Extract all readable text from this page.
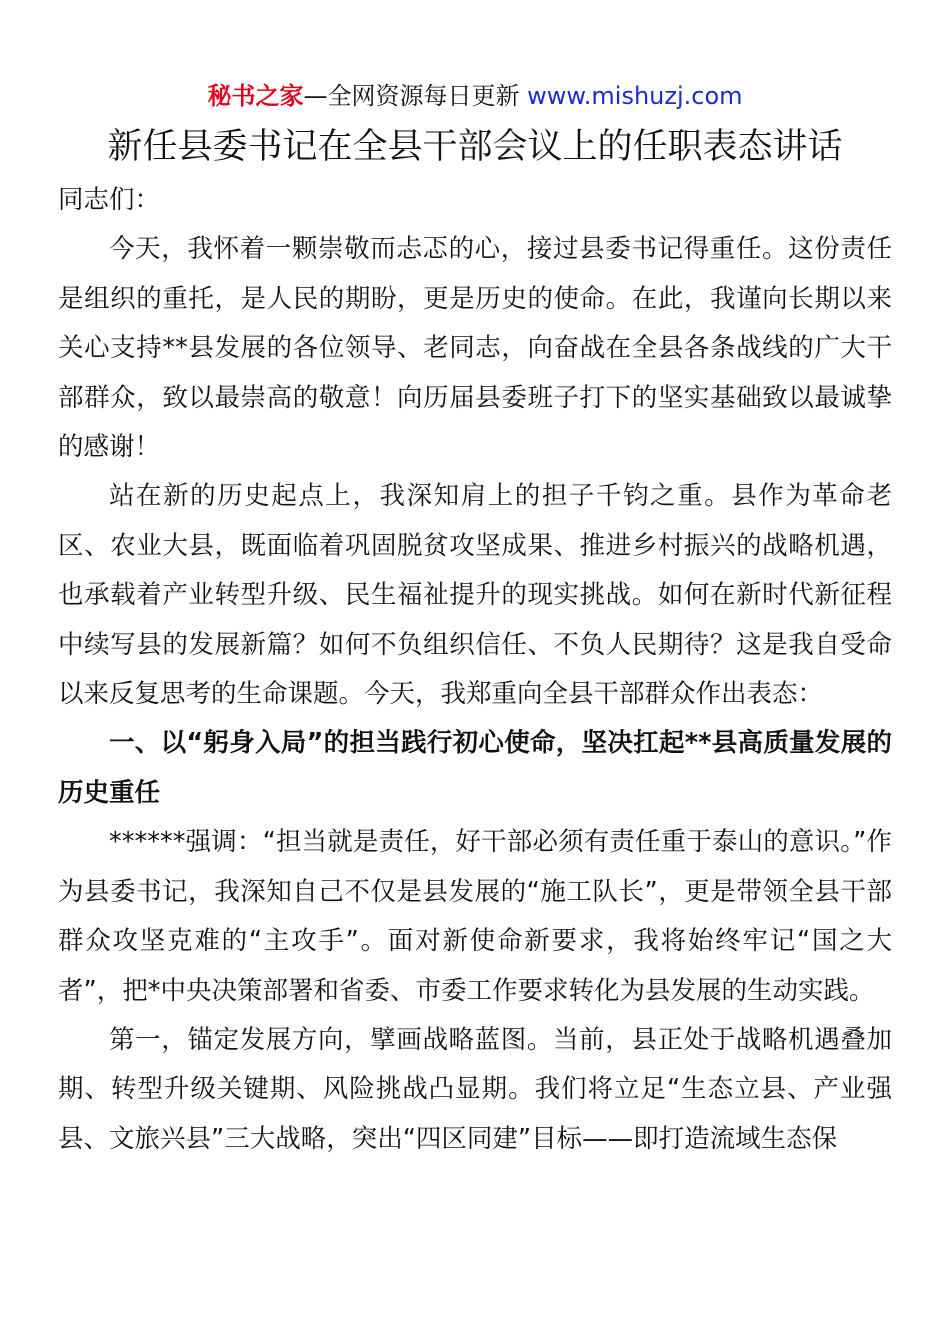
秘书之家—全网资源每日更新 www.mishuzj.com
新任县委书记在全县干部会议上的任职表态讲话

同志们：

今天，我怀着一颗崇敬而忐忑的心，接过县委书记得重任。这份责任是组织的重托，是人民的期盼，更是历史的使命。在此，我谨向长期以来关心支持**县发展的各位领导、老同志，向奋战在全县各条战线的广大干部群众，致以最崇高的敬意！向历届县委班子打下的坚实基础致以最诚挚的感谢！

站在新的历史起点上，我深知肩上的担子千钧之重。县作为革命老区、农业大县，既面临着巩固脱贫攻坚成果、推进乡村振兴的战略机遇，也承载着产业转型升级、民生福祉提升的现实挑战。如何在新时代新征程中续写县的发展新篇？如何不负组织信任、不负人民期待？这是我自受命以来反复思考的生命课题。今天，我郑重向全县干部群众作出表态：

一、以“躬身入局”的担当践行初心使命，坚决扛起**县高质量发展的历史重任

******强调：“担当就是责任，好干部必须有责任重于泰山的意识。”作为县委书记，我深知自己不仅是县发展的“施工队长”，更是带领全县干部群众攻坚克难的“主攻手”。面对新使命新要求，我将始终牢记“国之大者”，把*中央决策部署和省委、市委工作要求转化为县发展的生动实践。

第一，锚定发展方向，擘画战略蓝图。当前，县正处于战略机遇叠加期、转型升级关键期、风险挑战凸显期。我们将立足“生态立县、产业强县、文旅兴县”三大战略，突出“四区同建”目标——即打造流域生态保
